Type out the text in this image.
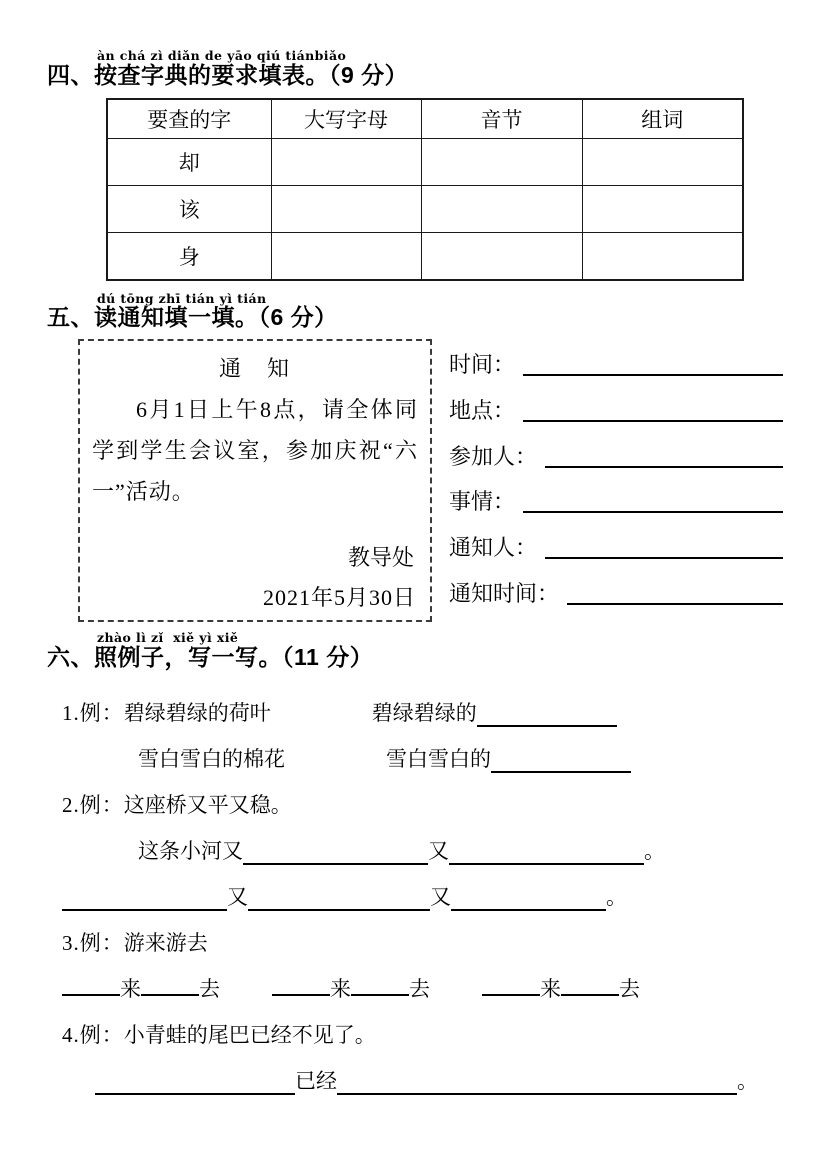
àn chá zì diǎn de yāo qiú tiánbiǎo
四、按查字典的要求填表。（9 分）
要查的字	大写字母	音节	组词
却			
该			
身			
dú tōng zhī tián yì tián
五、读通知填一填。（6 分）
通　知
6月1日上午8点，请全体同学到学生会议室，参加庆祝“六一”活动。
教导处
2021年5月30日
时间：
地点：
参加人：
事情：
通知人：
通知时间：
zhào lì zǐ  xiě yì xiě
六、照例子，写一写。（11 分）
1.例： 碧绿碧绿的荷叶	碧绿碧绿的
雪白雪白的棉花	雪白雪白的
2.例： 这座桥又平又稳。
这条小河又	又	。
又	又	。
3.例： 游来游去
来	去	来	去	来	去
4.例： 小青蛙的尾巴已经不见了。
已经	。
